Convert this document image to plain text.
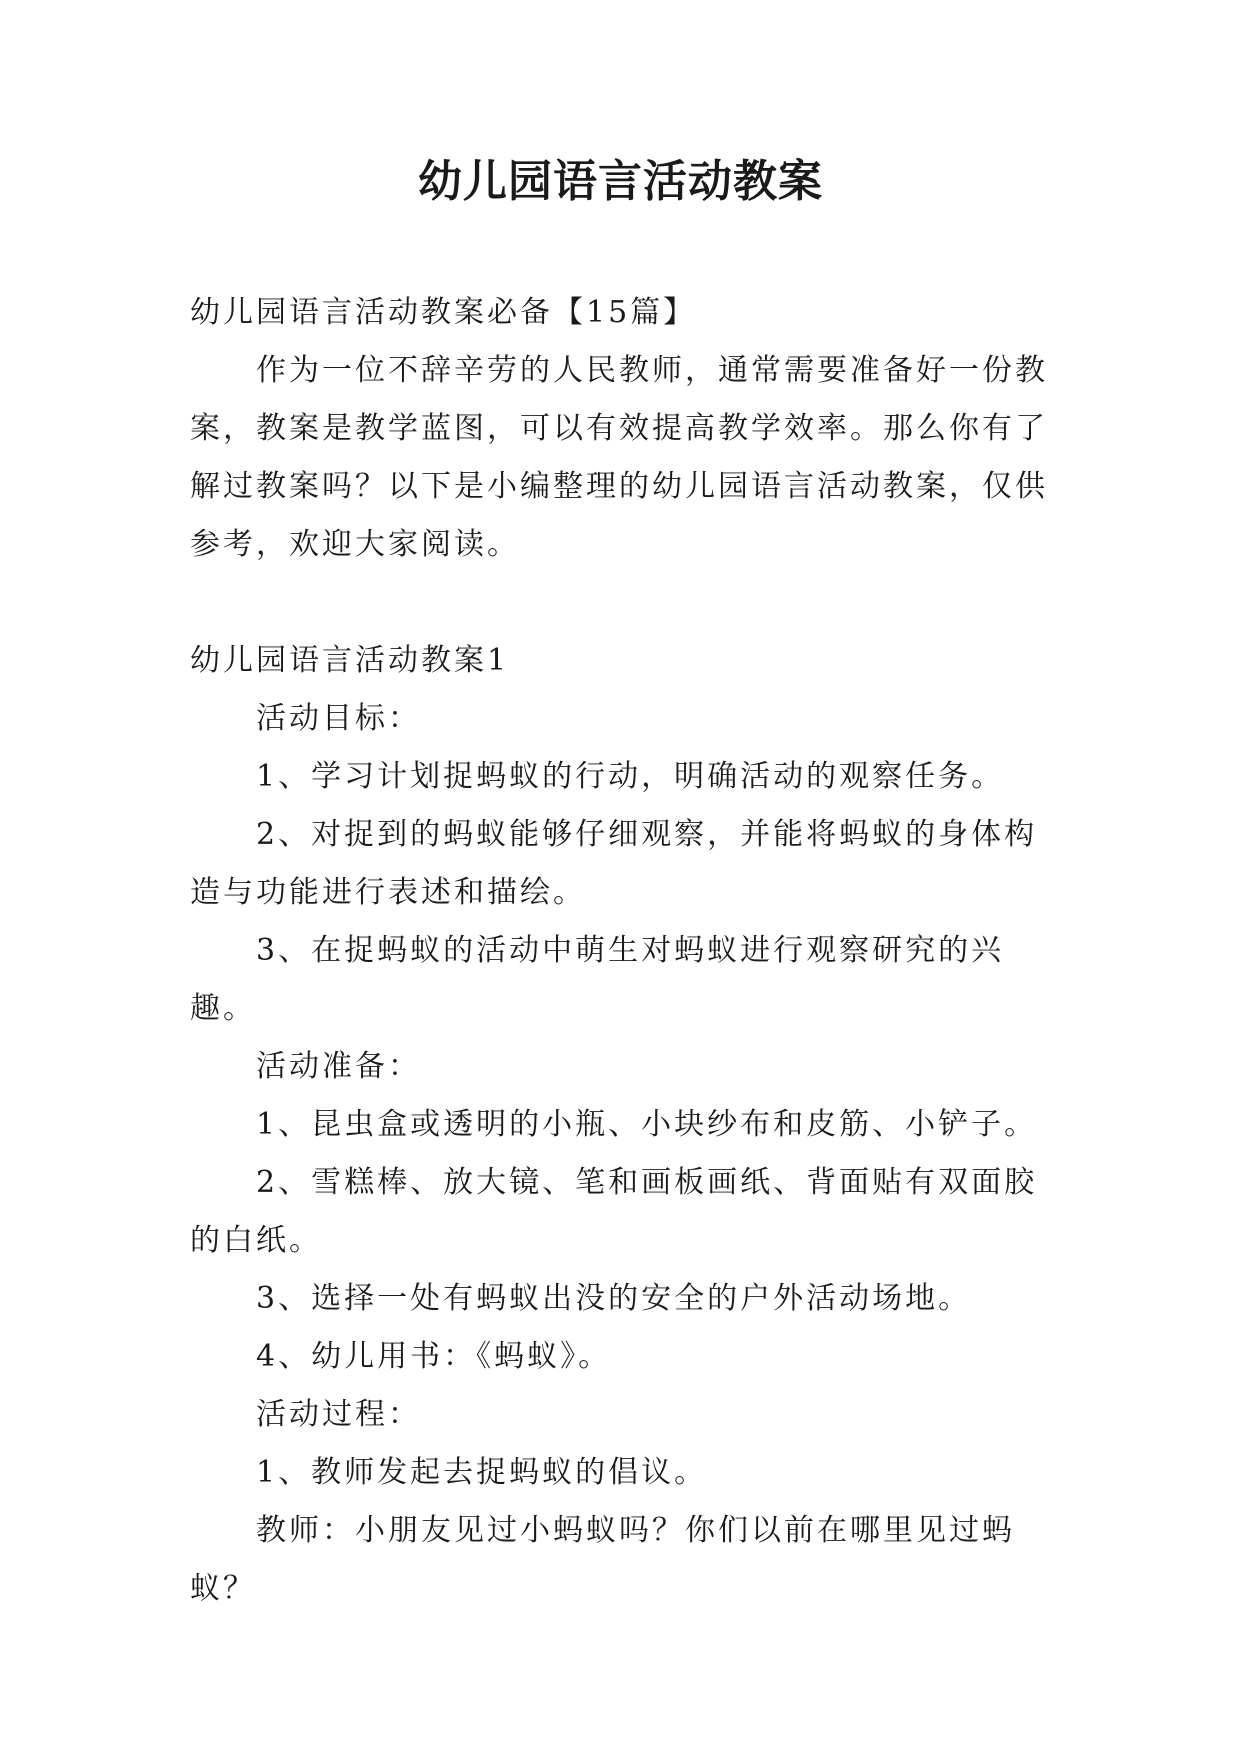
幼儿园语言活动教案

幼儿园语言活动教案必备【15篇】

作为一位不辞辛劳的人民教师，通常需要准备好一份教案，教案是教学蓝图，可以有效提高教学效率。那么你有了解过教案吗？以下是小编整理的幼儿园语言活动教案，仅供参考，欢迎大家阅读。

幼儿园语言活动教案1

活动目标：

1、学习计划捉蚂蚁的行动，明确活动的观察任务。

2、对捉到的蚂蚁能够仔细观察，并能将蚂蚁的身体构造与功能进行表述和描绘。

3、在捉蚂蚁的活动中萌生对蚂蚁进行观察研究的兴趣。

活动准备：

1、昆虫盒或透明的小瓶、小块纱布和皮筋、小铲子。

2、雪糕棒、放大镜、笔和画板画纸、背面贴有双面胶的白纸。

3、选择一处有蚂蚁出没的安全的户外活动场地。

4、幼儿用书：《蚂蚁》。

活动过程：

1、教师发起去捉蚂蚁的倡议。

教师：小朋友见过小蚂蚁吗？你们以前在哪里见过蚂蚁？
